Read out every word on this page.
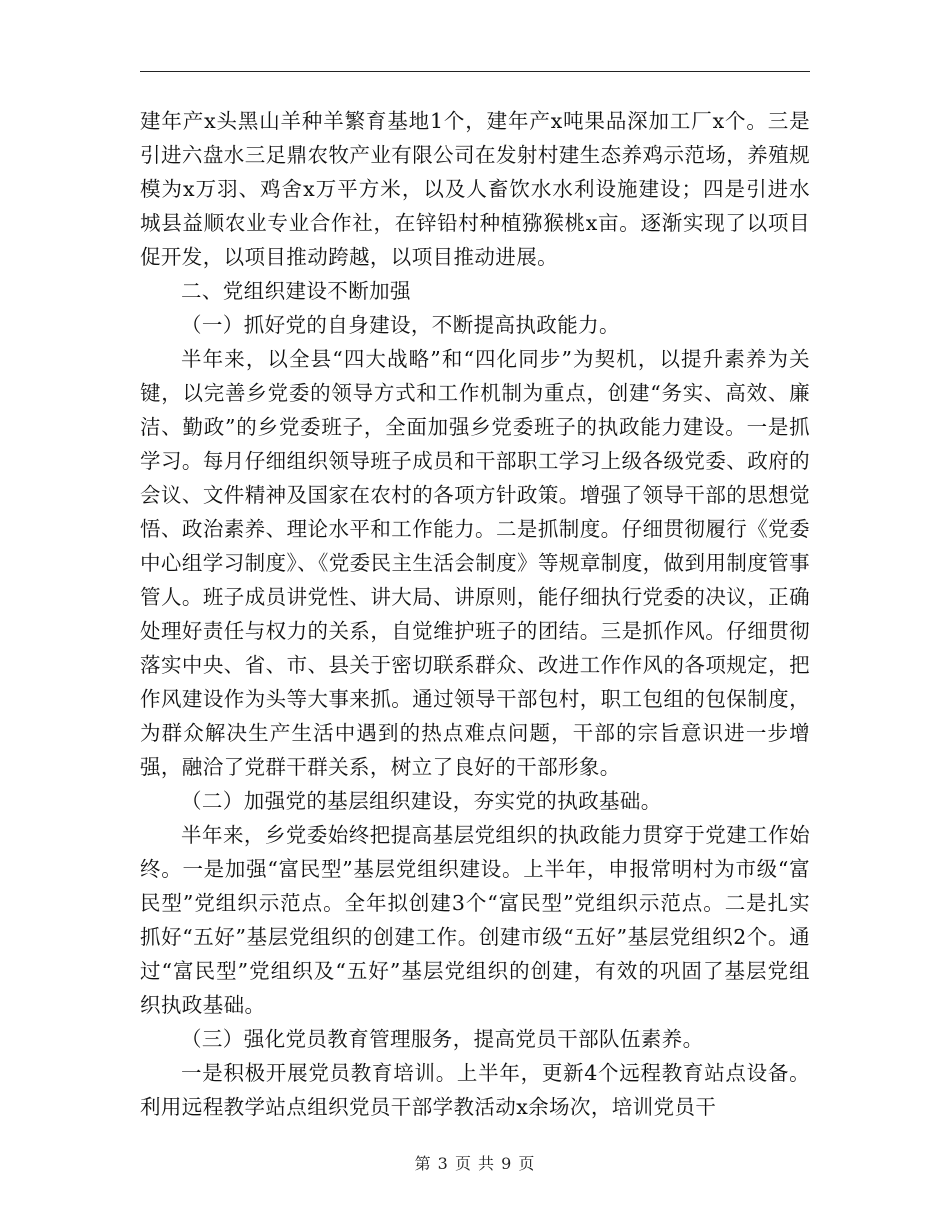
建年产x头黑山羊种羊繁育基地1个，建年产x吨果品深加工厂x个。三是引进六盘水三足鼎农牧产业有限公司在发射村建生态养鸡示范场，养殖规模为x万羽、鸡舍x万平方米，以及人畜饮水水利设施建设；四是引进水城县益顺农业专业合作社，在锌铅村种植猕猴桃x亩。逐渐实现了以项目促开发，以项目推动跨越，以项目推动进展。

二、党组织建设不断加强

（一）抓好党的自身建设，不断提高执政能力。

半年来，以全县“四大战略”和“四化同步”为契机，以提升素养为关键，以完善乡党委的领导方式和工作机制为重点，创建“务实、高效、廉洁、勤政”的乡党委班子，全面加强乡党委班子的执政能力建设。一是抓学习。每月仔细组织领导班子成员和干部职工学习上级各级党委、政府的会议、文件精神及国家在农村的各项方针政策。增强了领导干部的思想觉悟、政治素养、理论水平和工作能力。二是抓制度。仔细贯彻履行《党委中心组学习制度》、《党委民主生活会制度》等规章制度，做到用制度管事管人。班子成员讲党性、讲大局、讲原则，能仔细执行党委的决议，正确处理好责任与权力的关系，自觉维护班子的团结。三是抓作风。仔细贯彻落实中央、省、市、县关于密切联系群众、改进工作作风的各项规定，把作风建设作为头等大事来抓。通过领导干部包村，职工包组的包保制度，为群众解决生产生活中遇到的热点难点问题，干部的宗旨意识进一步增强，融洽了党群干群关系，树立了良好的干部形象。

（二）加强党的基层组织建设，夯实党的执政基础。

半年来，乡党委始终把提高基层党组织的执政能力贯穿于党建工作始终。一是加强“富民型”基层党组织建设。上半年，申报常明村为市级“富民型”党组织示范点。全年拟创建3个“富民型”党组织示范点。二是扎实抓好“五好”基层党组织的创建工作。创建市级“五好”基层党组织2个。通过“富民型”党组织及“五好”基层党组织的创建，有效的巩固了基层党组织执政基础。

（三）强化党员教育管理服务，提高党员干部队伍素养。

一是积极开展党员教育培训。上半年，更新4个远程教育站点设备。利用远程教学站点组织党员干部学教活动x余场次，培训党员干

第 3 页 共 9 页
